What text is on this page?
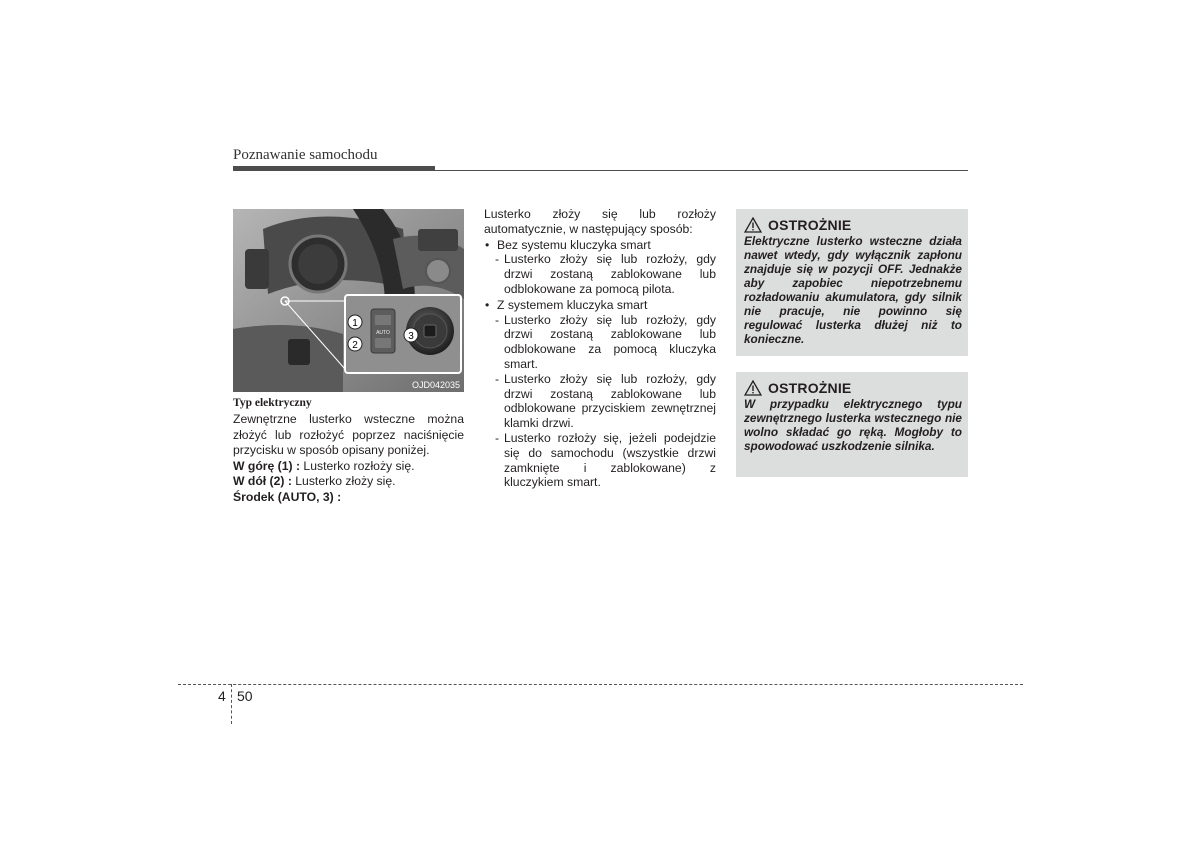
Poznawanie samochodu
1
2
3
AUTO
OJD042035
Typ elektryczny

Zewnętrzne lusterko wsteczne można złożyć lub rozłożyć poprzez naciśnięcie przycisku w sposób opisany poniżej.

W górę (1) : Lusterko rozłoży się.

W dół (2) : Lusterko złoży się.

Środek (AUTO, 3) :

Lusterko złoży się lub rozłoży automatycznie, w następujący sposób:

• Bez systemu kluczyka smart
- Lusterko złoży się lub rozłoży, gdy drzwi zostaną zablokowane lub odblokowane za pomocą pilota.
• Z systemem kluczyka smart
- Lusterko złoży się lub rozłoży, gdy drzwi zostaną zablokowane lub odblokowane za pomocą kluczyka smart.
- Lusterko złoży się lub rozłoży, gdy drzwi zostaną zablokowane lub odblokowane przyciskiem zewnętrznej klamki drzwi.
- Lusterko rozłoży się, jeżeli podejdzie się do samochodu (wszystkie drzwi zamknięte i zablokowane) z kluczykiem smart.
OSTROŻNIE
Elektryczne lusterko wsteczne działa nawet wtedy, gdy wyłącznik zapłonu znajduje się w pozycji OFF. Jednakże aby zapobiec niepotrzebnemu rozładowaniu akumulatora, gdy silnik nie pracuje, nie powinno się regulować lusterka dłużej niż to konieczne.
OSTROŻNIE
W przypadku elektrycznego typu zewnętrznego lusterka wstecznego nie wolno składać go ręką. Mogłoby to spowodować uszkodzenie silnika.
4 50
